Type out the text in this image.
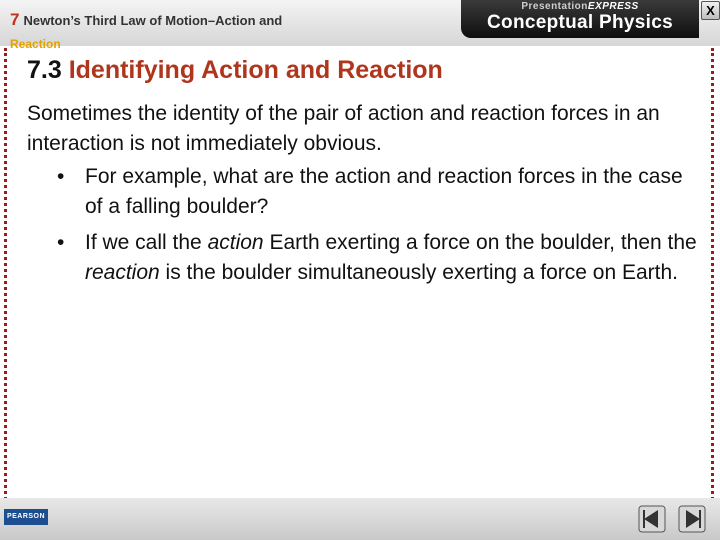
7 Newton’s Third Law of Motion–Action and
Reaction
PresentationEXPRESS
Conceptual Physics
X
7.3 Identifying Action and Reaction
Sometimes the identity of the pair of action and reaction forces in an interaction is not immediately obvious.
• For example, what are the action and reaction forces in the case of a falling boulder?
• If we call the action Earth exerting a force on the boulder, then the reaction is the boulder simultaneously exerting a force on Earth.
PEARSON
